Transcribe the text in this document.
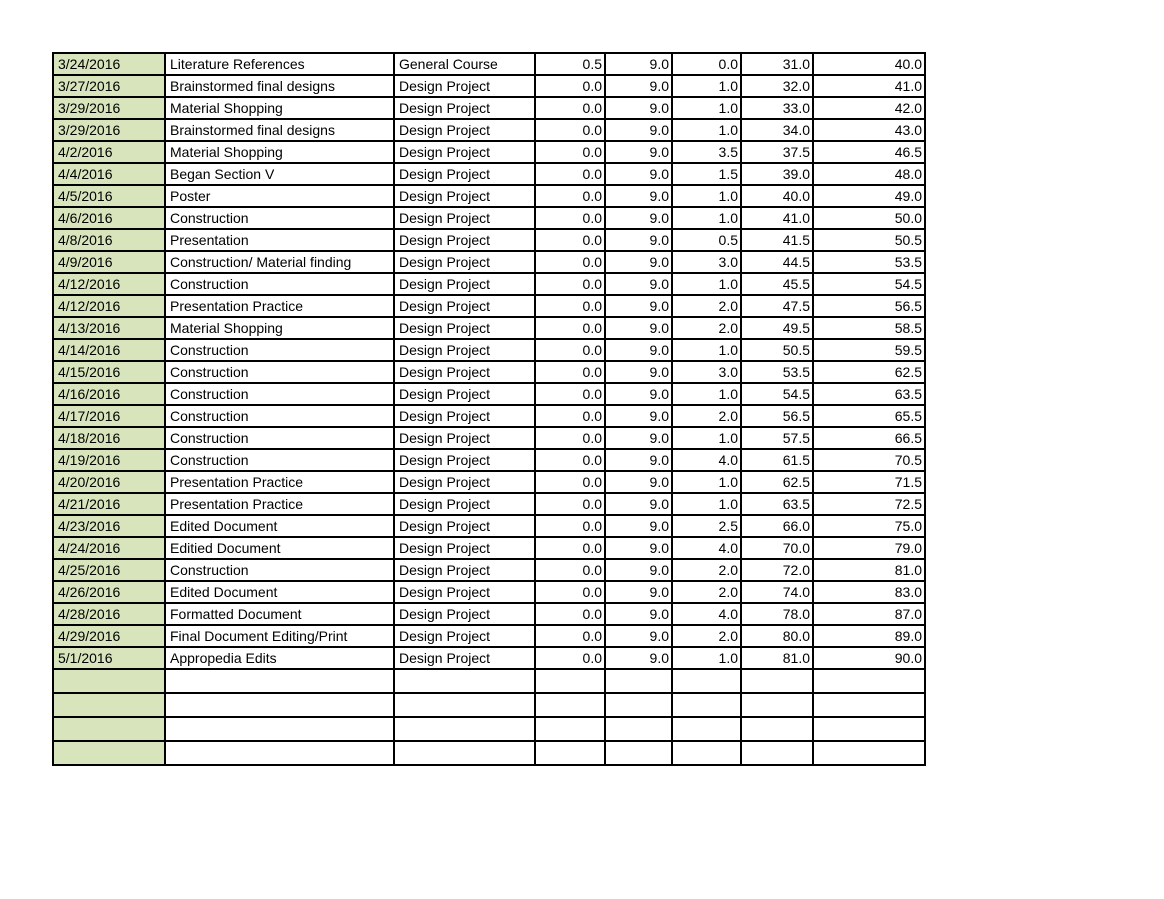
3/24/2016	Literature References	General Course	0.5	9.0	0.0	31.0	40.0
3/27/2016	Brainstormed final designs	Design Project	0.0	9.0	1.0	32.0	41.0
3/29/2016	Material Shopping	Design Project	0.0	9.0	1.0	33.0	42.0
3/29/2016	Brainstormed final designs	Design Project	0.0	9.0	1.0	34.0	43.0
4/2/2016	Material Shopping	Design Project	0.0	9.0	3.5	37.5	46.5
4/4/2016	Began Section V	Design Project	0.0	9.0	1.5	39.0	48.0
4/5/2016	Poster	Design Project	0.0	9.0	1.0	40.0	49.0
4/6/2016	Construction	Design Project	0.0	9.0	1.0	41.0	50.0
4/8/2016	Presentation	Design Project	0.0	9.0	0.5	41.5	50.5
4/9/2016	Construction/ Material finding	Design Project	0.0	9.0	3.0	44.5	53.5
4/12/2016	Construction	Design Project	0.0	9.0	1.0	45.5	54.5
4/12/2016	Presentation Practice	Design Project	0.0	9.0	2.0	47.5	56.5
4/13/2016	Material Shopping	Design Project	0.0	9.0	2.0	49.5	58.5
4/14/2016	Construction	Design Project	0.0	9.0	1.0	50.5	59.5
4/15/2016	Construction	Design Project	0.0	9.0	3.0	53.5	62.5
4/16/2016	Construction	Design Project	0.0	9.0	1.0	54.5	63.5
4/17/2016	Construction	Design Project	0.0	9.0	2.0	56.5	65.5
4/18/2016	Construction	Design Project	0.0	9.0	1.0	57.5	66.5
4/19/2016	Construction	Design Project	0.0	9.0	4.0	61.5	70.5
4/20/2016	Presentation Practice	Design Project	0.0	9.0	1.0	62.5	71.5
4/21/2016	Presentation Practice	Design Project	0.0	9.0	1.0	63.5	72.5
4/23/2016	Edited Document	Design Project	0.0	9.0	2.5	66.0	75.0
4/24/2016	Editied Document	Design Project	0.0	9.0	4.0	70.0	79.0
4/25/2016	Construction	Design Project	0.0	9.0	2.0	72.0	81.0
4/26/2016	Edited Document	Design Project	0.0	9.0	2.0	74.0	83.0
4/28/2016	Formatted Document	Design Project	0.0	9.0	4.0	78.0	87.0
4/29/2016	Final Document Editing/Print	Design Project	0.0	9.0	2.0	80.0	89.0
5/1/2016	Appropedia Edits	Design Project	0.0	9.0	1.0	81.0	90.0
